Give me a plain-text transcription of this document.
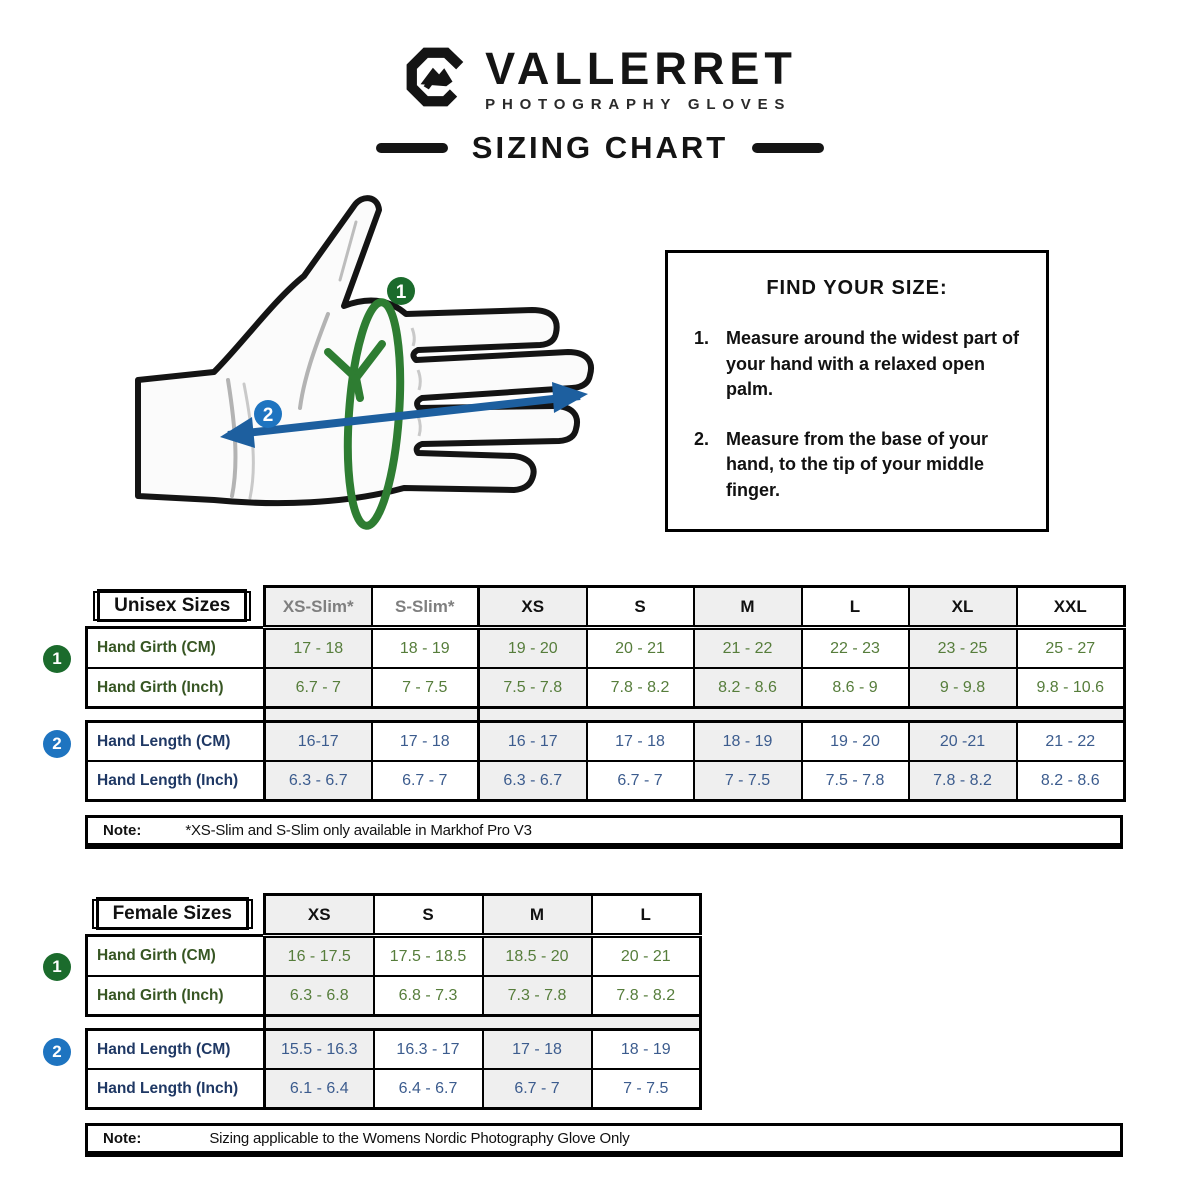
VALLERRET
PHOTOGRAPHY GLOVES
SIZING CHART
1
2
FIND YOUR SIZE:
1. Measure around the widest part of your hand with a relaxed open palm.
2. Measure from the base of your hand, to the tip of your middle finger.
1
2
Unisex Sizes	XS-Slim*	S-Slim*	XS	S	M	L	XL	XXL
Hand Girth (CM)	17 - 18	18 - 19	19 - 20	20 - 21	21 - 22	22 - 23	23 - 25	25 - 27
Hand Girth (Inch)	6.7 - 7	7 - 7.5	7.5 - 7.8	7.8 - 8.2	8.2 - 8.6	8.6 - 9	9 - 9.8	9.8 - 10.6

Hand Length (CM)	16-17	17 - 18	16 - 17	17 - 18	18 - 19	19 - 20	20 -21	21 - 22
Hand Length (Inch)	6.3 - 6.7	6.7 - 7	6.3 - 6.7	6.7 - 7	7 - 7.5	7.5 - 7.8	7.8 - 8.2	8.2 - 8.6
Note:	*XS-Slim and S-Slim only available in Markhof Pro V3
1
2
Female Sizes	XS	S	M	L
Hand Girth (CM)	16 - 17.5	17.5 - 18.5	18.5 - 20	20 - 21
Hand Girth (Inch)	6.3 - 6.8	6.8 - 7.3	7.3 - 7.8	7.8 - 8.2

Hand Length (CM)	15.5 - 16.3	16.3 - 17	17 - 18	18 - 19
Hand Length (Inch)	6.1 - 6.4	6.4 - 6.7	6.7 - 7	7 - 7.5
Note:	Sizing applicable to the Womens Nordic Photography Glove Only
